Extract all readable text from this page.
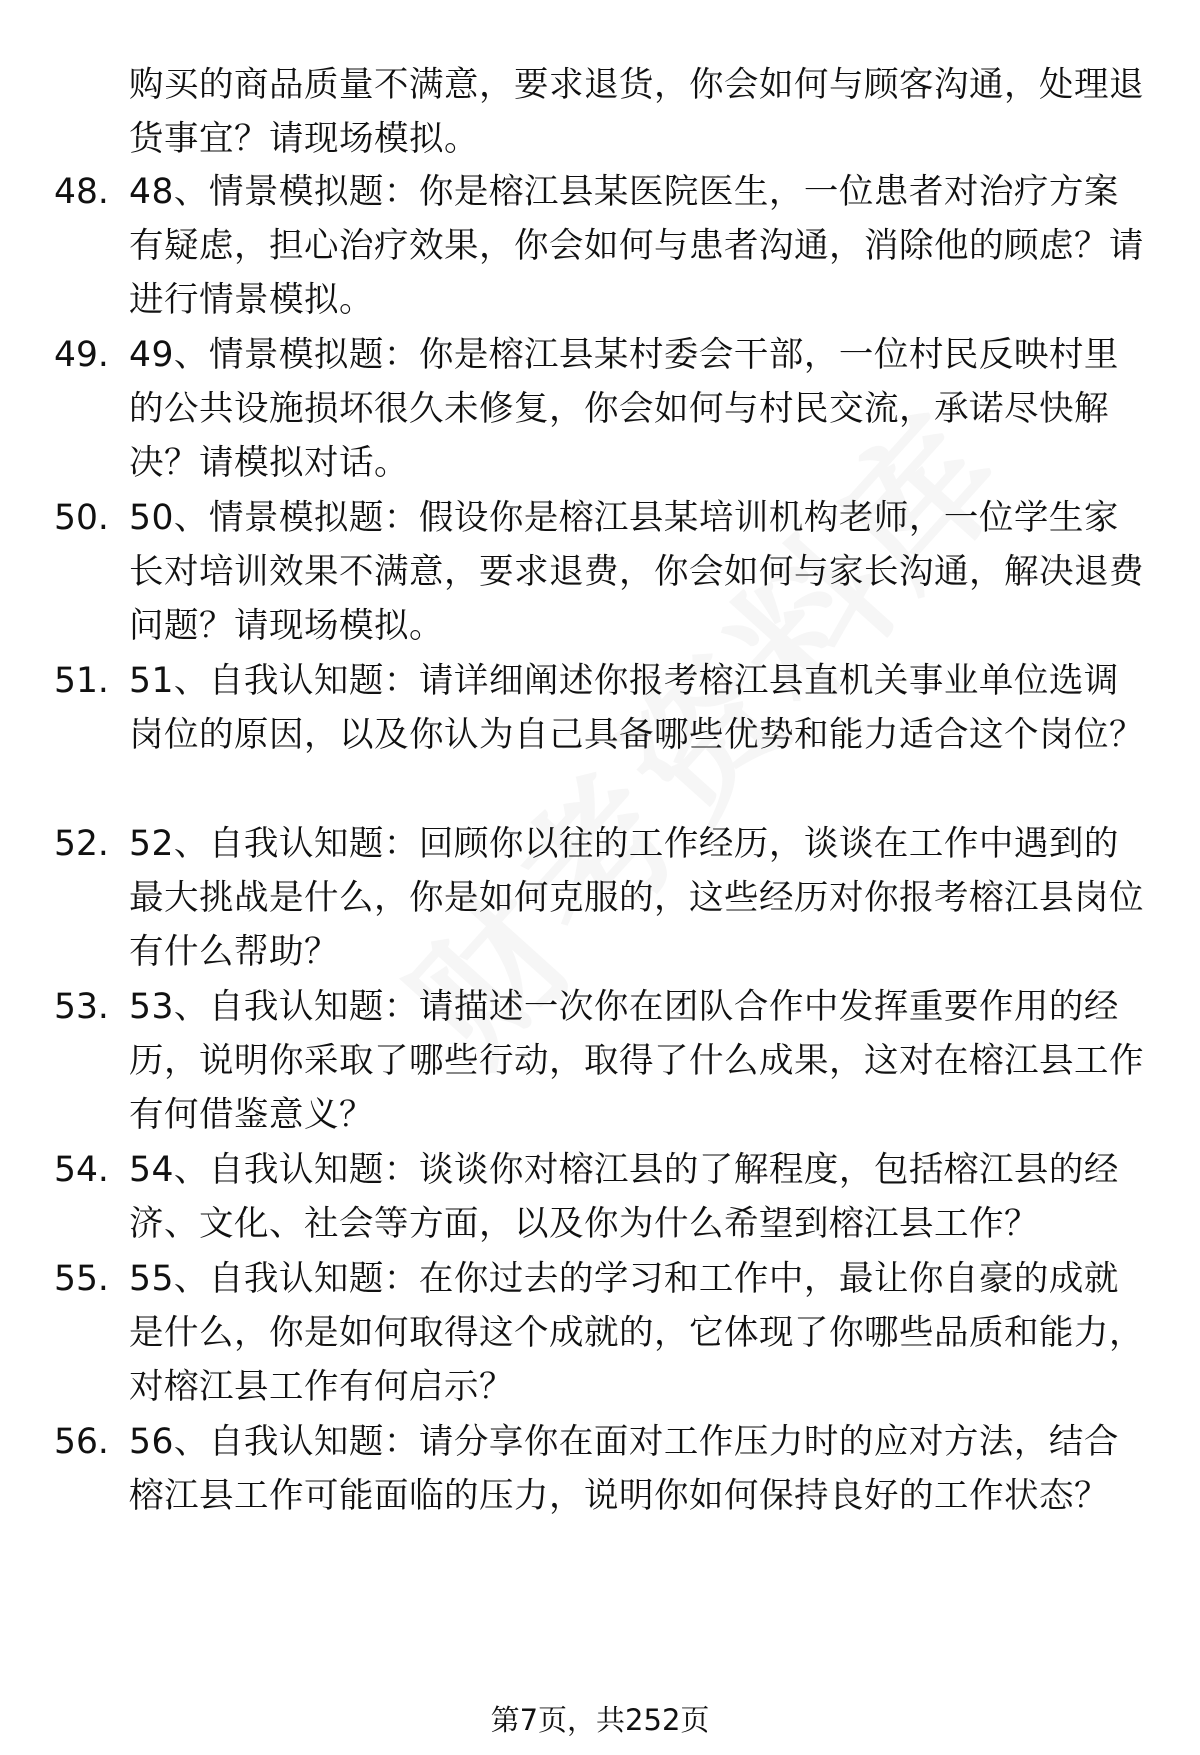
购买的商品质量不满意，要求退货，你会如何与顾客沟通，处理退货事宜？请现场模拟。
48. 48、情景模拟题：你是榕江县某医院医生，一位患者对治疗方案有疑虑，担心治疗效果，你会如何与患者沟通，消除他的顾虑？请进行情景模拟。
49. 49、情景模拟题：你是榕江县某村委会干部，一位村民反映村里的公共设施损坏很久未修复，你会如何与村民交流，承诺尽快解决？请模拟对话。
50. 50、情景模拟题：假设你是榕江县某培训机构老师，一位学生家长对培训效果不满意，要求退费，你会如何与家长沟通，解决退费问题？请现场模拟。
51. 51、自我认知题：请详细阐述你报考榕江县直机关事业单位选调岗位的原因，以及你认为自己具备哪些优势和能力适合这个岗位？
52. 52、自我认知题：回顾你以往的工作经历，谈谈在工作中遇到的最大挑战是什么，你是如何克服的，这些经历对你报考榕江县岗位有什么帮助？
53. 53、自我认知题：请描述一次你在团队合作中发挥重要作用的经历，说明你采取了哪些行动，取得了什么成果，这对在榕江县工作有何借鉴意义？
54. 54、自我认知题：谈谈你对榕江县的了解程度，包括榕江县的经济、文化、社会等方面，以及你为什么希望到榕江县工作？
55. 55、自我认知题：在你过去的学习和工作中，最让你自豪的成就是什么，你是如何取得这个成就的，它体现了你哪些品质和能力，对榕江县工作有何启示？
56. 56、自我认知题：请分享你在面对工作压力时的应对方法，结合榕江县工作可能面临的压力，说明你如何保持良好的工作状态？
第7页，共252页
